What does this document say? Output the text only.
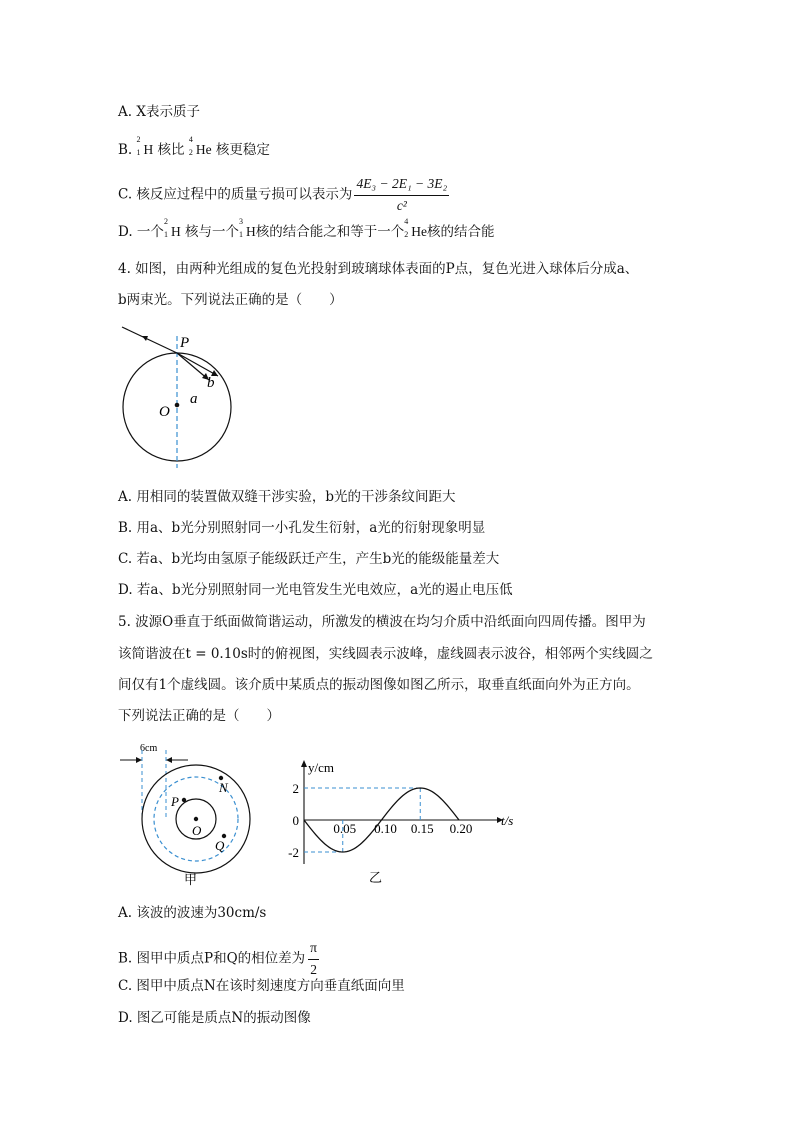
A. X表示质子
B.
2
1 H 核比
4
2 He 核更稳定
C. 核反应过程中的质量亏损可以表示为 $\frac{\text{4E₃ − 2E₁ − 3E₂}}{\text{c²}}$
D. 一个
2
1 H 核与一个
3
1 H核的结合能之和等于一个
4
2 He核的结合能
4. 如图，由两种光组成的复色光投射到玻璃球体表面的P点，复色光进入球体后分成a、
b两束光。下列说法正确的是（　　）
P
O
a
b
A. 用相同的装置做双缝干涉实验，b光的干涉条纹间距大
B. 用a、b光分别照射同一小孔发生衍射，a光的衍射现象明显
C. 若a、b光均由氢原子能级跃迁产生，产生b光的能级能量差大
D. 若a、b光分别照射同一光电管发生光电效应，a光的遏止电压低
5. 波源O垂直于纸面做简谐运动，所激发的横波在均匀介质中沿纸面向四周传播。图甲为
该简谐波在t = 0.10s时的俯视图，实线圆表示波峰，虚线圆表示波谷，相邻两个实线圆之
间仅有1个虚线圆。该介质中某质点的振动图像如图乙所示，取垂直纸面向外为正方向。
下列说法正确的是（　　）
6cm
P
N
O
Q
甲
y/cm
t/s
2
-2
0
0.05 0.10 0.15 0.20
乙
A. 该波的波速为30cm/s
B. 图甲中质点P和Q的相位差为 $\frac{\pi}{2}$
C. 图甲中质点N在该时刻速度方向垂直纸面向里
D. 图乙可能是质点N的振动图像
